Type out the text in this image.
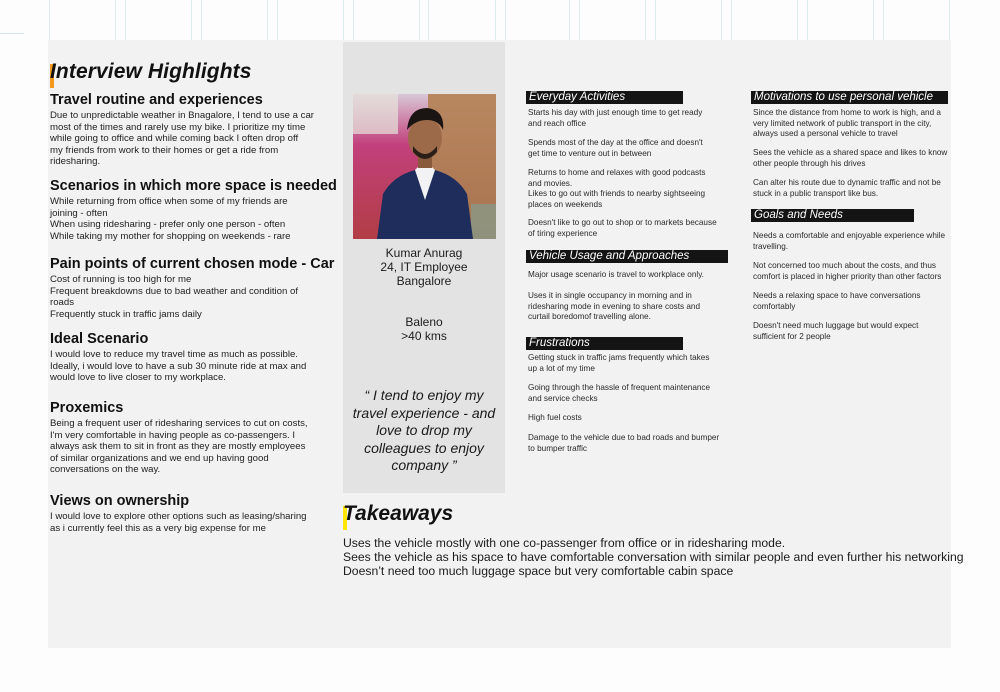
Interview Highlights
Travel routine and experiences
Due to unpredictable weather in Bnagalore, I tend to use a car
most of the times and rarely use my bike. I prioritize my time
while going to office and while coming back I often drop off
my friends from work to their homes or get a ride from
ridesharing.
Scenarios in which more space is needed
While returning from office when some of my friends are
joining - often
When using ridesharing - prefer only one person - often
While taking my mother for shopping on weekends - rare
Pain points of current chosen mode - Car
Cost of running is too high for me
Frequent breakdowns due to bad weather and condition of
roads
Frequently stuck in traffic jams daily
Ideal Scenario
I would love to reduce my travel time as much as possible.
Ideally, i would love to have a sub 30 minute ride at max and
would love to live closer to my workplace.
Proxemics
Being a frequent user of ridesharing services to cut on costs,
I'm very comfortable in having people as co-passengers. I
always ask them to sit in front as they are mostly employees
of similar organizations and we end up having good
conversations on the way.
Views on ownership
I would love to explore other options such as leasing/sharing
as i currently feel this as a very big expense for me
Kumar Anurag
24, IT Employee
Bangalore
Baleno
>40 kms
“ I tend to enjoy my travel experience - and love to drop my colleagues to enjoy company ”
Everyday Activities
Starts his day with just enough time to get ready
and reach office
Spends most of the day at the office and doesn't
get time to venture out in between
Returns to home and relaxes with good podcasts
and movies.
Likes to go out with friends to nearby sightseeing
places on weekends
Doesn't like to go out to shop or to markets because
of tiring experience
Vehicle Usage and Approaches
Major usage scenario is travel to workplace only.
Uses it in single occupancy in morning and in
ridesharing mode in evening to share costs and
curtail boredomof travelling alone.
Frustrations
Getting stuck in traffic jams frequently which takes
up a lot of my time
Going through the hassle of frequent maintenance
and service checks
High fuel costs
Damage to the vehicle due to bad roads and bumper
to bumper traffic
Motivations to use personal vehicle
Since the distance from home to work is high, and a
very limited network of public transport in the city,
always used a personal vehicle to travel
Sees the vehicle as a shared space and likes to know
other people through his drives
Can alter his route due to dynamic traffic and not be
stuck in a public transport like bus.
Goals and Needs
Needs a comfortable and enjoyable experience while
travelling.
Not concerned too much about the costs, and thus
comfort is placed in higher priority than other factors
Needs a relaxing space to have conversations
comfortably
Doesn't need much luggage but would expect
sufficient for 2 people
Takeaways
Uses the vehicle mostly with one co-passenger from office or in ridesharing mode.
Sees the vehicle as his space to have comfortable conversation with similar people and even further his networking
Doesn’t need too much luggage space but very comfortable cabin space
